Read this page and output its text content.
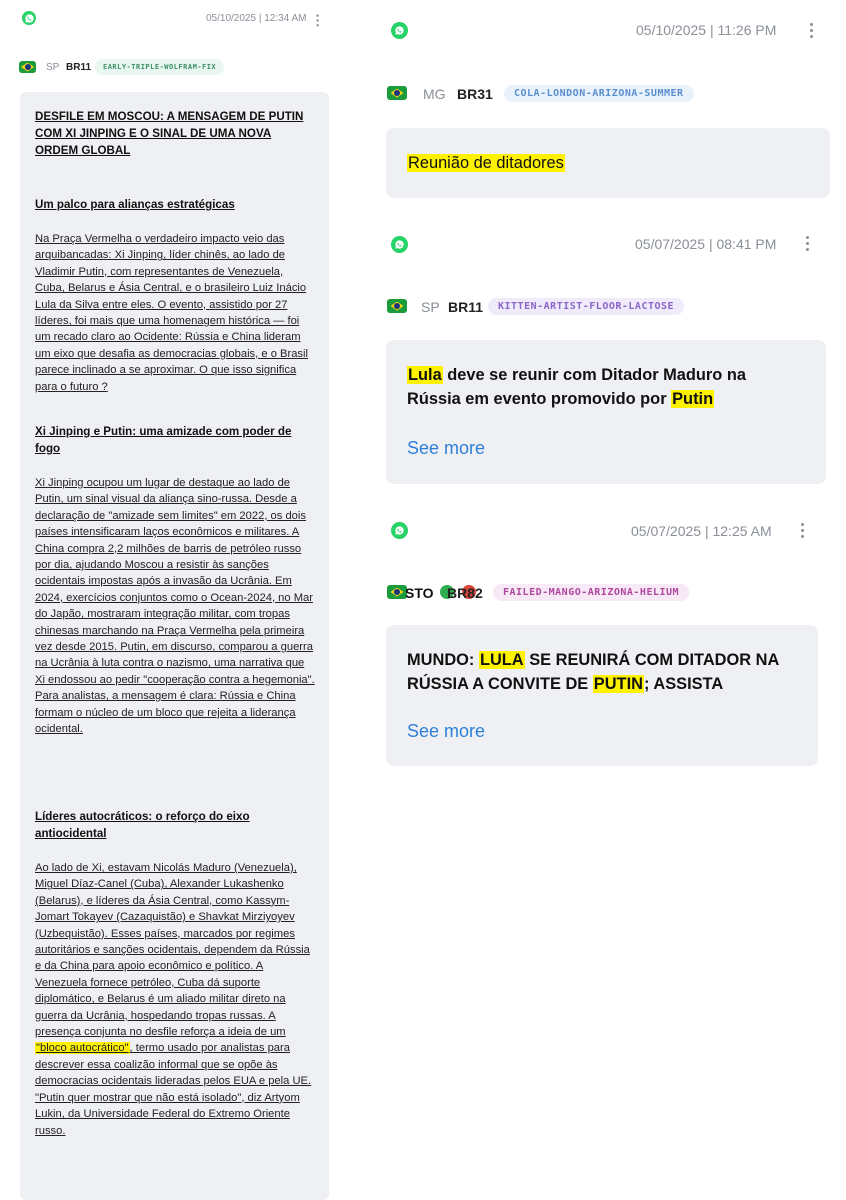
05/10/2025 | 12:34 AM
SP BR11	EARLY-TRIPLE-WOLFRAM-FIX

DESFILE EM MOSCOU: A MENSAGEM DE PUTIN COM XI JINPING E O SINAL DE UMA NOVA ORDEM GLOBAL

Um palco para alianças estratégicas

Na Praça Vermelha o verdadeiro impacto veio das arquibancadas: Xi Jinping, líder chinês, ao lado de Vladimir Putin, com representantes de Venezuela, Cuba, Belarus e Ásia Central, e o brasileiro Luiz Inácio Lula da Silva entre eles. O evento, assistido por 27 líderes, foi mais que uma homenagem histórica — foi um recado claro ao Ocidente: Rússia e China lideram um eixo que desafia as democracias globais, e o Brasil parece inclinado a se aproximar. O que isso significa para o futuro ?

Xi Jinping e Putin: uma amizade com poder de fogo

Xi Jinping ocupou um lugar de destaque ao lado de Putin, um sinal visual da aliança sino-russa. Desde a declaração de "amizade sem limites" em 2022, os dois países intensificaram laços econômicos e militares. A China compra 2,2 milhões de barris de petróleo russo por dia, ajudando Moscou a resistir às sanções ocidentais impostas após a invasão da Ucrânia. Em 2024, exercícios conjuntos como o Ocean-2024, no Mar do Japão, mostraram integração militar, com tropas chinesas marchando na Praça Vermelha pela primeira vez desde 2015. Putin, em discurso, comparou a guerra na Ucrânia à luta contra o nazismo, uma narrativa que Xi endossou ao pedir "cooperação contra a hegemonia". Para analistas, a mensagem é clara: Rússia e China formam o núcleo de um bloco que rejeita a liderança ocidental.

Líderes autocráticos: o reforço do eixo antiocidental

Ao lado de Xi, estavam Nicolás Maduro (Venezuela), Miguel Díaz-Canel (Cuba), Alexander Lukashenko (Belarus), e líderes da Ásia Central, como Kassym-Jomart Tokayev (Cazaquistão) e Shavkat Mirziyoyev (Uzbequistão). Esses países, marcados por regimes autoritários e sanções ocidentais, dependem da Rússia e da China para apoio econômico e político. A Venezuela fornece petróleo, Cuba dá suporte diplomático, e Belarus é um aliado militar direto na guerra da Ucrânia, hospedando tropas russas. A presença conjunta no desfile reforça a ideia de um "bloco autocrático", termo usado por analistas para descrever essa coalizão informal que se opõe às democracias ocidentais lideradas pelos EUA e pela UE. "Putin quer mostrar que não está isolado", diz Artyom Lukin, da Universidade Federal do Extremo Oriente russo.

05/10/2025 | 11:26 PM
MG BR31	COLA-LONDON-ARIZONA-SUMMER
Reunião de ditadores
05/07/2025 | 08:41 PM
SP BR11	KITTEN-ARTIST-FLOOR-LACTOSE
Lula deve se reunir com Ditador Maduro na Rússia em evento promovido por Putin
See more
05/07/2025 | 12:25 AM
STO BR82	FAILED-MANGO-ARIZONA-HELIUM
MUNDO: LULA SE REUNIRÁ COM DITADOR NA RÚSSIA A CONVITE DE PUTIN; ASSISTA
See more
